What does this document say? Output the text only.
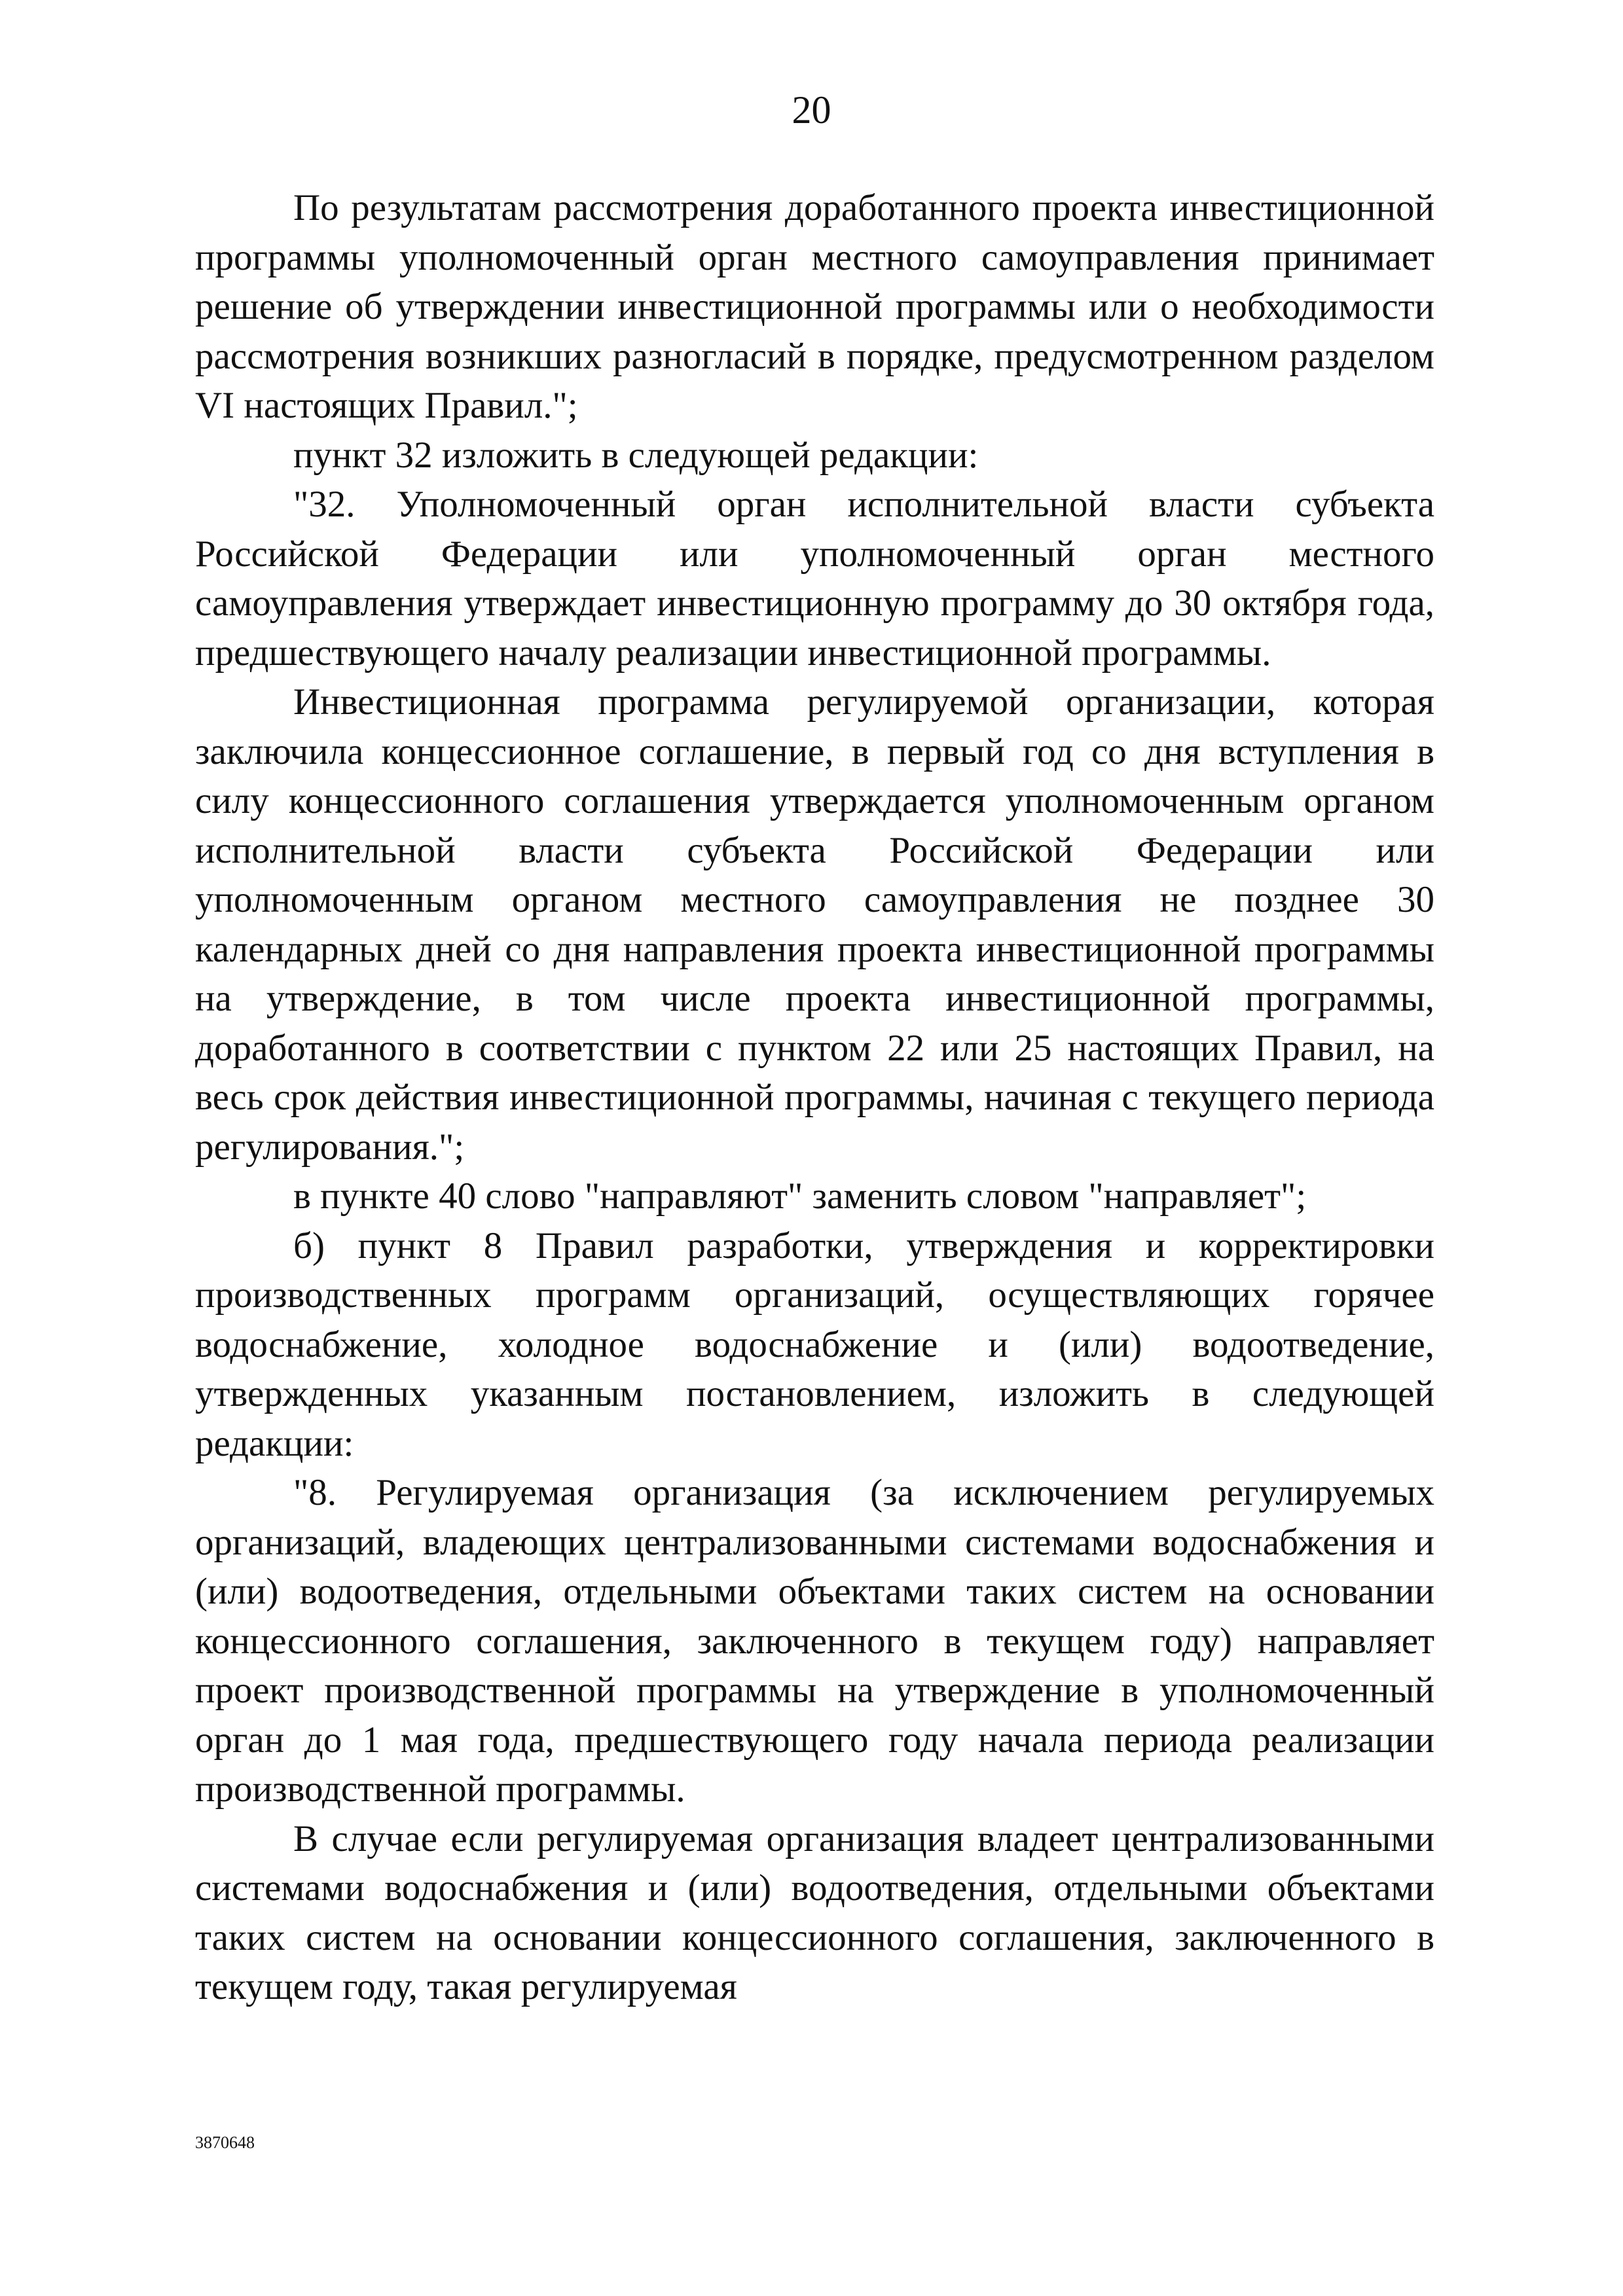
20

По результатам рассмотрения доработанного проекта инвестиционной программы уполномоченный орган местного самоуправления принимает решение об утверждении инвестиционной программы или о необходимости рассмотрения возникших разногласий в порядке, предусмотренном разделом VI настоящих Правил.";

пункт 32 изложить в следующей редакции:

"32. Уполномоченный орган исполнительной власти субъекта Российской Федерации или уполномоченный орган местного самоуправления утверждает инвестиционную программу до 30 октября года, предшествующего началу реализации инвестиционной программы.

Инвестиционная программа регулируемой организации, которая заключила концессионное соглашение, в первый год со дня вступления в силу концессионного соглашения утверждается уполномоченным органом исполнительной власти субъекта Российской Федерации или уполномоченным органом местного самоуправления не позднее 30 календарных дней со дня направления проекта инвестиционной программы на утверждение, в том числе проекта инвестиционной программы, доработанного в соответствии с пунктом 22 или 25 настоящих Правил, на весь срок действия инвестиционной программы, начиная с текущего периода регулирования.";

в пункте 40 слово "направляют" заменить словом "направляет";

б) пункт 8 Правил разработки, утверждения и корректировки производственных программ организаций, осуществляющих горячее водоснабжение, холодное водоснабжение и (или) водоотведение, утвержденных указанным постановлением, изложить в следующей редакции:

"8. Регулируемая организация (за исключением регулируемых организаций, владеющих централизованными системами водоснабжения и (или) водоотведения, отдельными объектами таких систем на основании концессионного соглашения, заключенного в текущем году) направляет проект производственной программы на утверждение в уполномоченный орган до 1 мая года, предшествующего году начала периода реализации производственной программы.

В случае если регулируемая организация владеет централизованными системами водоснабжения и (или) водоотведения, отдельными объектами таких систем на основании концессионного соглашения, заключенного в текущем году, такая регулируемая

3870648
